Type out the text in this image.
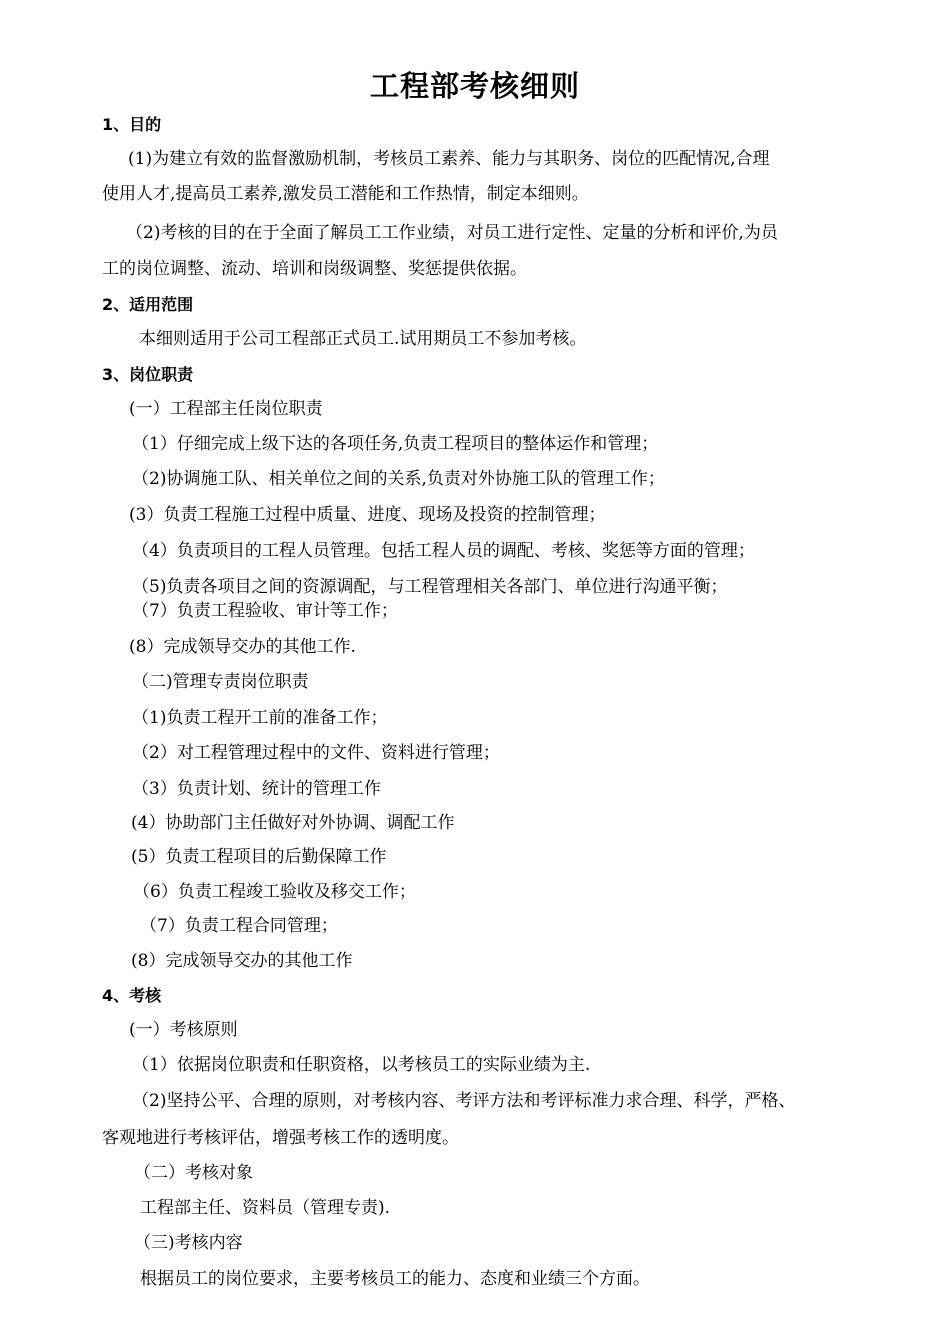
工程部考核细则
1、目的
(1)为建立有效的监督激励机制，考核员工素养、能力与其职务、岗位的匹配情况,合理
使用人才,提高员工素养,激发员工潜能和工作热情，制定本细则。
（2)考核的目的在于全面了解员工工作业绩，对员工进行定性、定量的分析和评价,为员
工的岗位调整、流动、培训和岗级调整、奖惩提供依据。
2、适用范围
本细则适用于公司工程部正式员工.试用期员工不参加考核。
3、岗位职责
(一）工程部主任岗位职责
（1）仔细完成上级下达的各项任务,负责工程项目的整体运作和管理；
（2)协调施工队、相关单位之间的关系,负责对外协施工队的管理工作；
(3）负责工程施工过程中质量、进度、现场及投资的控制管理；
（4）负责项目的工程人员管理。包括工程人员的调配、考核、奖惩等方面的管理；
（5)负责各项目之间的资源调配，与工程管理相关各部门、单位进行沟通平衡；
（7）负责工程验收、审计等工作；
(8）完成领导交办的其他工作.
（二)管理专责岗位职责
（1)负责工程开工前的准备工作；
（2）对工程管理过程中的文件、资料进行管理；
（3）负责计划、统计的管理工作
(4）协助部门主任做好对外协调、调配工作
(5）负责工程项目的后勤保障工作
（6）负责工程竣工验收及移交工作；
（7）负责工程合同管理；
(8）完成领导交办的其他工作
4、考核
(一）考核原则
（1）依据岗位职责和任职资格，以考核员工的实际业绩为主.
（2)坚持公平、合理的原则，对考核内容、考评方法和考评标准力求合理、科学，严格、
客观地进行考核评估，增强考核工作的透明度。
（二）考核对象
工程部主任、资料员（管理专责).
（三)考核内容
根据员工的岗位要求，主要考核员工的能力、态度和业绩三个方面。
